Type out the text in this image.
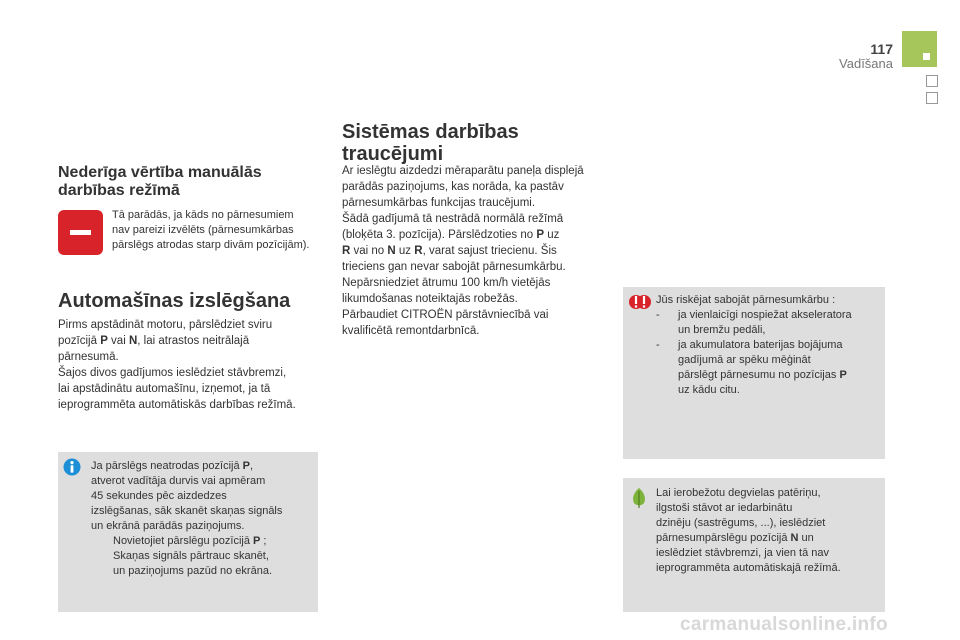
117
Vadīšana
Nederīga vērtība manuālās
darbības režīmā
Tā parādās, ja kāds no pārnesumiem
nav pareizi izvēlēts (pārnesumkārbas
pārslēgs atrodas starp divām pozīcijām).
Automašīnas izslēgšana
Pirms apstādināt motoru, pārslēdziet sviru
pozīcijā P vai N, lai atrastos neitrālajā
pārnesumā.
Šajos divos gadījumos ieslēdziet stāvbremzi,
lai apstādinātu automašīnu, izņemot, ja tā
ieprogrammēta automātiskās darbības režīmā.
Ja pārslēgs neatrodas pozīcijā P,
atverot vadītāja durvis vai apmēram
45 sekundes pēc aizdedzes
izslēgšanas, sāk skanēt skaņas signāls
un ekrānā parādās paziņojums.
Novietojiet pārslēgu pozīcijā P ;
Skaņas signāls pārtrauc skanēt,
un paziņojums pazūd no ekrāna.
Sistēmas darbības
traucējumi
Ar ieslēgtu aizdedzi mēraparātu paneļa displejā
parādās paziņojums, kas norāda, ka pastāv
pārnesumkārbas funkcijas traucējumi.
Šādā gadījumā tā nestrādā normālā režīmā
(bloķēta 3. pozīcija). Pārslēdzoties no P uz
R vai no N uz R, varat sajust triecienu. Šis
trieciens gan nevar sabojāt pārnesumkārbu.
Nepārsniedziet ātrumu 100 km/h vietējās
likumdošanas noteiktajās robežās.
Pārbaudiet CITROËN pārstāvniecībā vai
kvalificētā remontdarbnīcā.
Jūs riskējat sabojāt pārnesumkārbu :
- ja vienlaicīgi nospiežat akseleratora
un bremžu pedāli,
- ja akumulatora baterijas bojājuma
gadījumā ar spēku mēģināt
pārslēgt pārnesumu no pozīcijas P
uz kādu citu.
Lai ierobežotu degvielas patēriņu,
ilgstoši stāvot ar iedarbinātu
dzinēju (sastrēgums, ...), ieslēdziet
pārnesumpārslēgu pozīcijā N un
ieslēdziet stāvbremzi, ja vien tā nav
ieprogrammēta automātiskajā režīmā.
carmanualsonline.info
